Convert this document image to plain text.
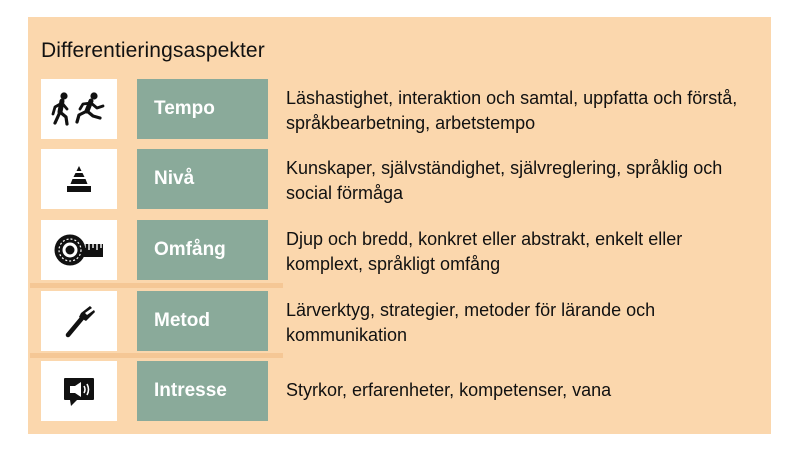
Differentieringsaspekter
Tempo	Läshastighet, interaktion och samtal, uppfatta och förstå, språkbearbetning, arbetstempo
Nivå	Kunskaper, självständighet, självreglering, språklig och social förmåga
Omfång	Djup och bredd, konkret eller abstrakt, enkelt eller komplext, språkligt omfång
Metod	Lärverktyg, strategier, metoder för lärande och kommunikation
Intresse	Styrkor, erfarenheter, kompetenser, vana
